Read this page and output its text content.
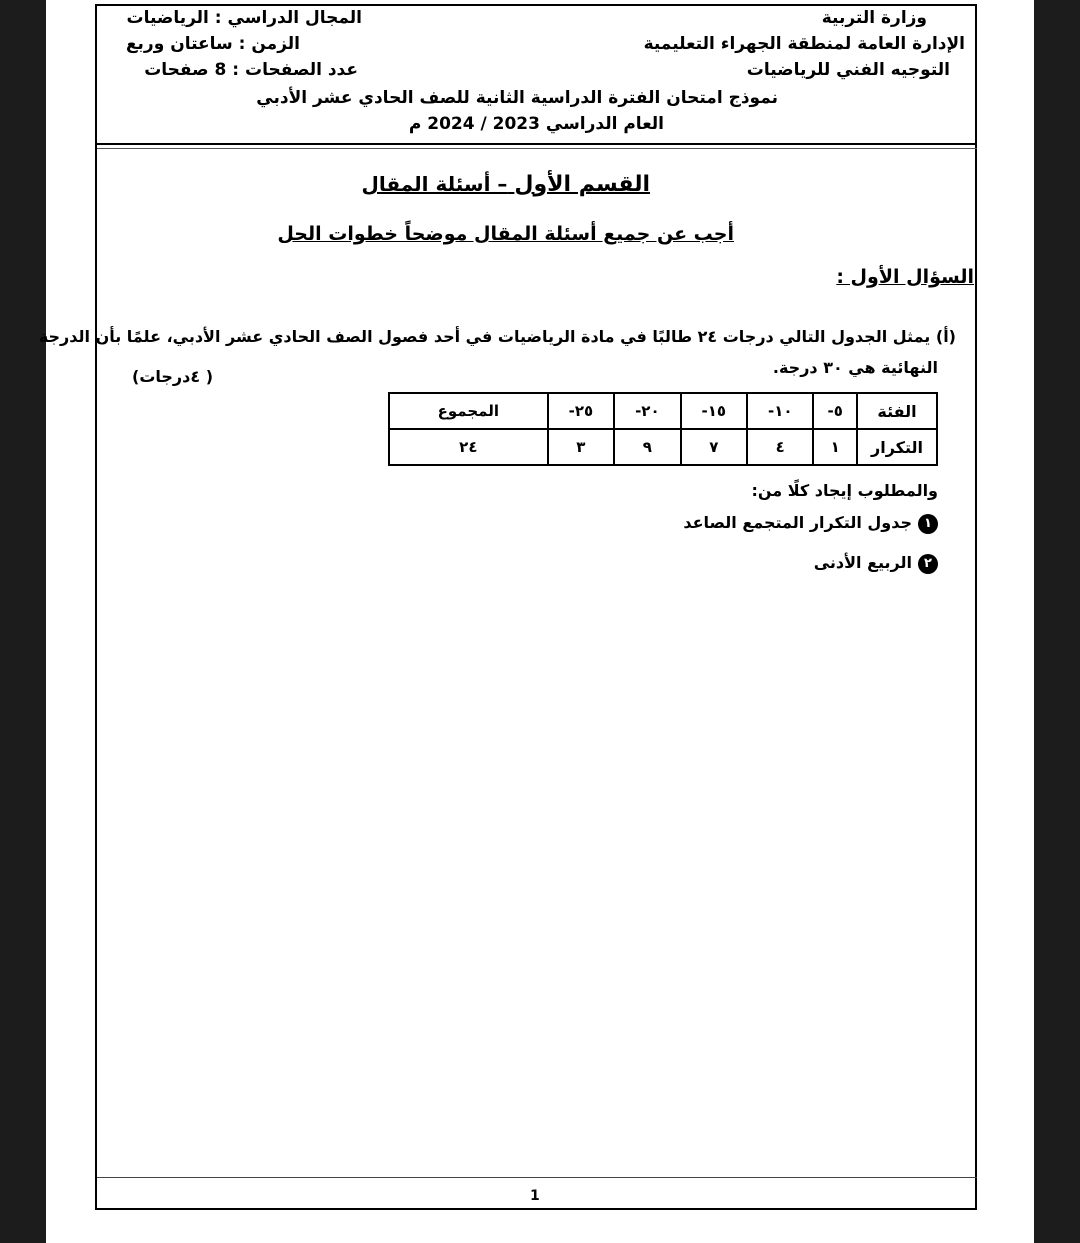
وزارة التربية
الإدارة العامة لمنطقة الجهراء التعليمية
التوجيه الفني للرياضيات
المجال الدراسي : الرياضيات
الزمن : ساعتان وربع
عدد الصفحات : 8 صفحات
نموذج امتحان الفترة الدراسية الثانية للصف الحادي عشر الأدبي
العام الدراسي 2023 / 2024 م
القسم الأول – أسئلة المقال
أجب عن جميع أسئلة المقال موضحاً خطوات الحل
السؤال الأول :
(أ) يمثل الجدول التالي درجات ٢٤ طالبًا في مادة الرياضيات في أحد فصول الصف الحادي عشر الأدبي، علمًا بأن الدرجة
النهائية هي ٣٠ درجة.
( ٤درجات)
الفئة	٥-	١٠-	١٥-	٢٠-	٢٥-	المجموع
التكرار	١	٤	٧	٩	٣	٢٤
والمطلوب إيجاد كلًا من:
١جدول التكرار المتجمع الصاعد
٢الربيع الأدنى
1
